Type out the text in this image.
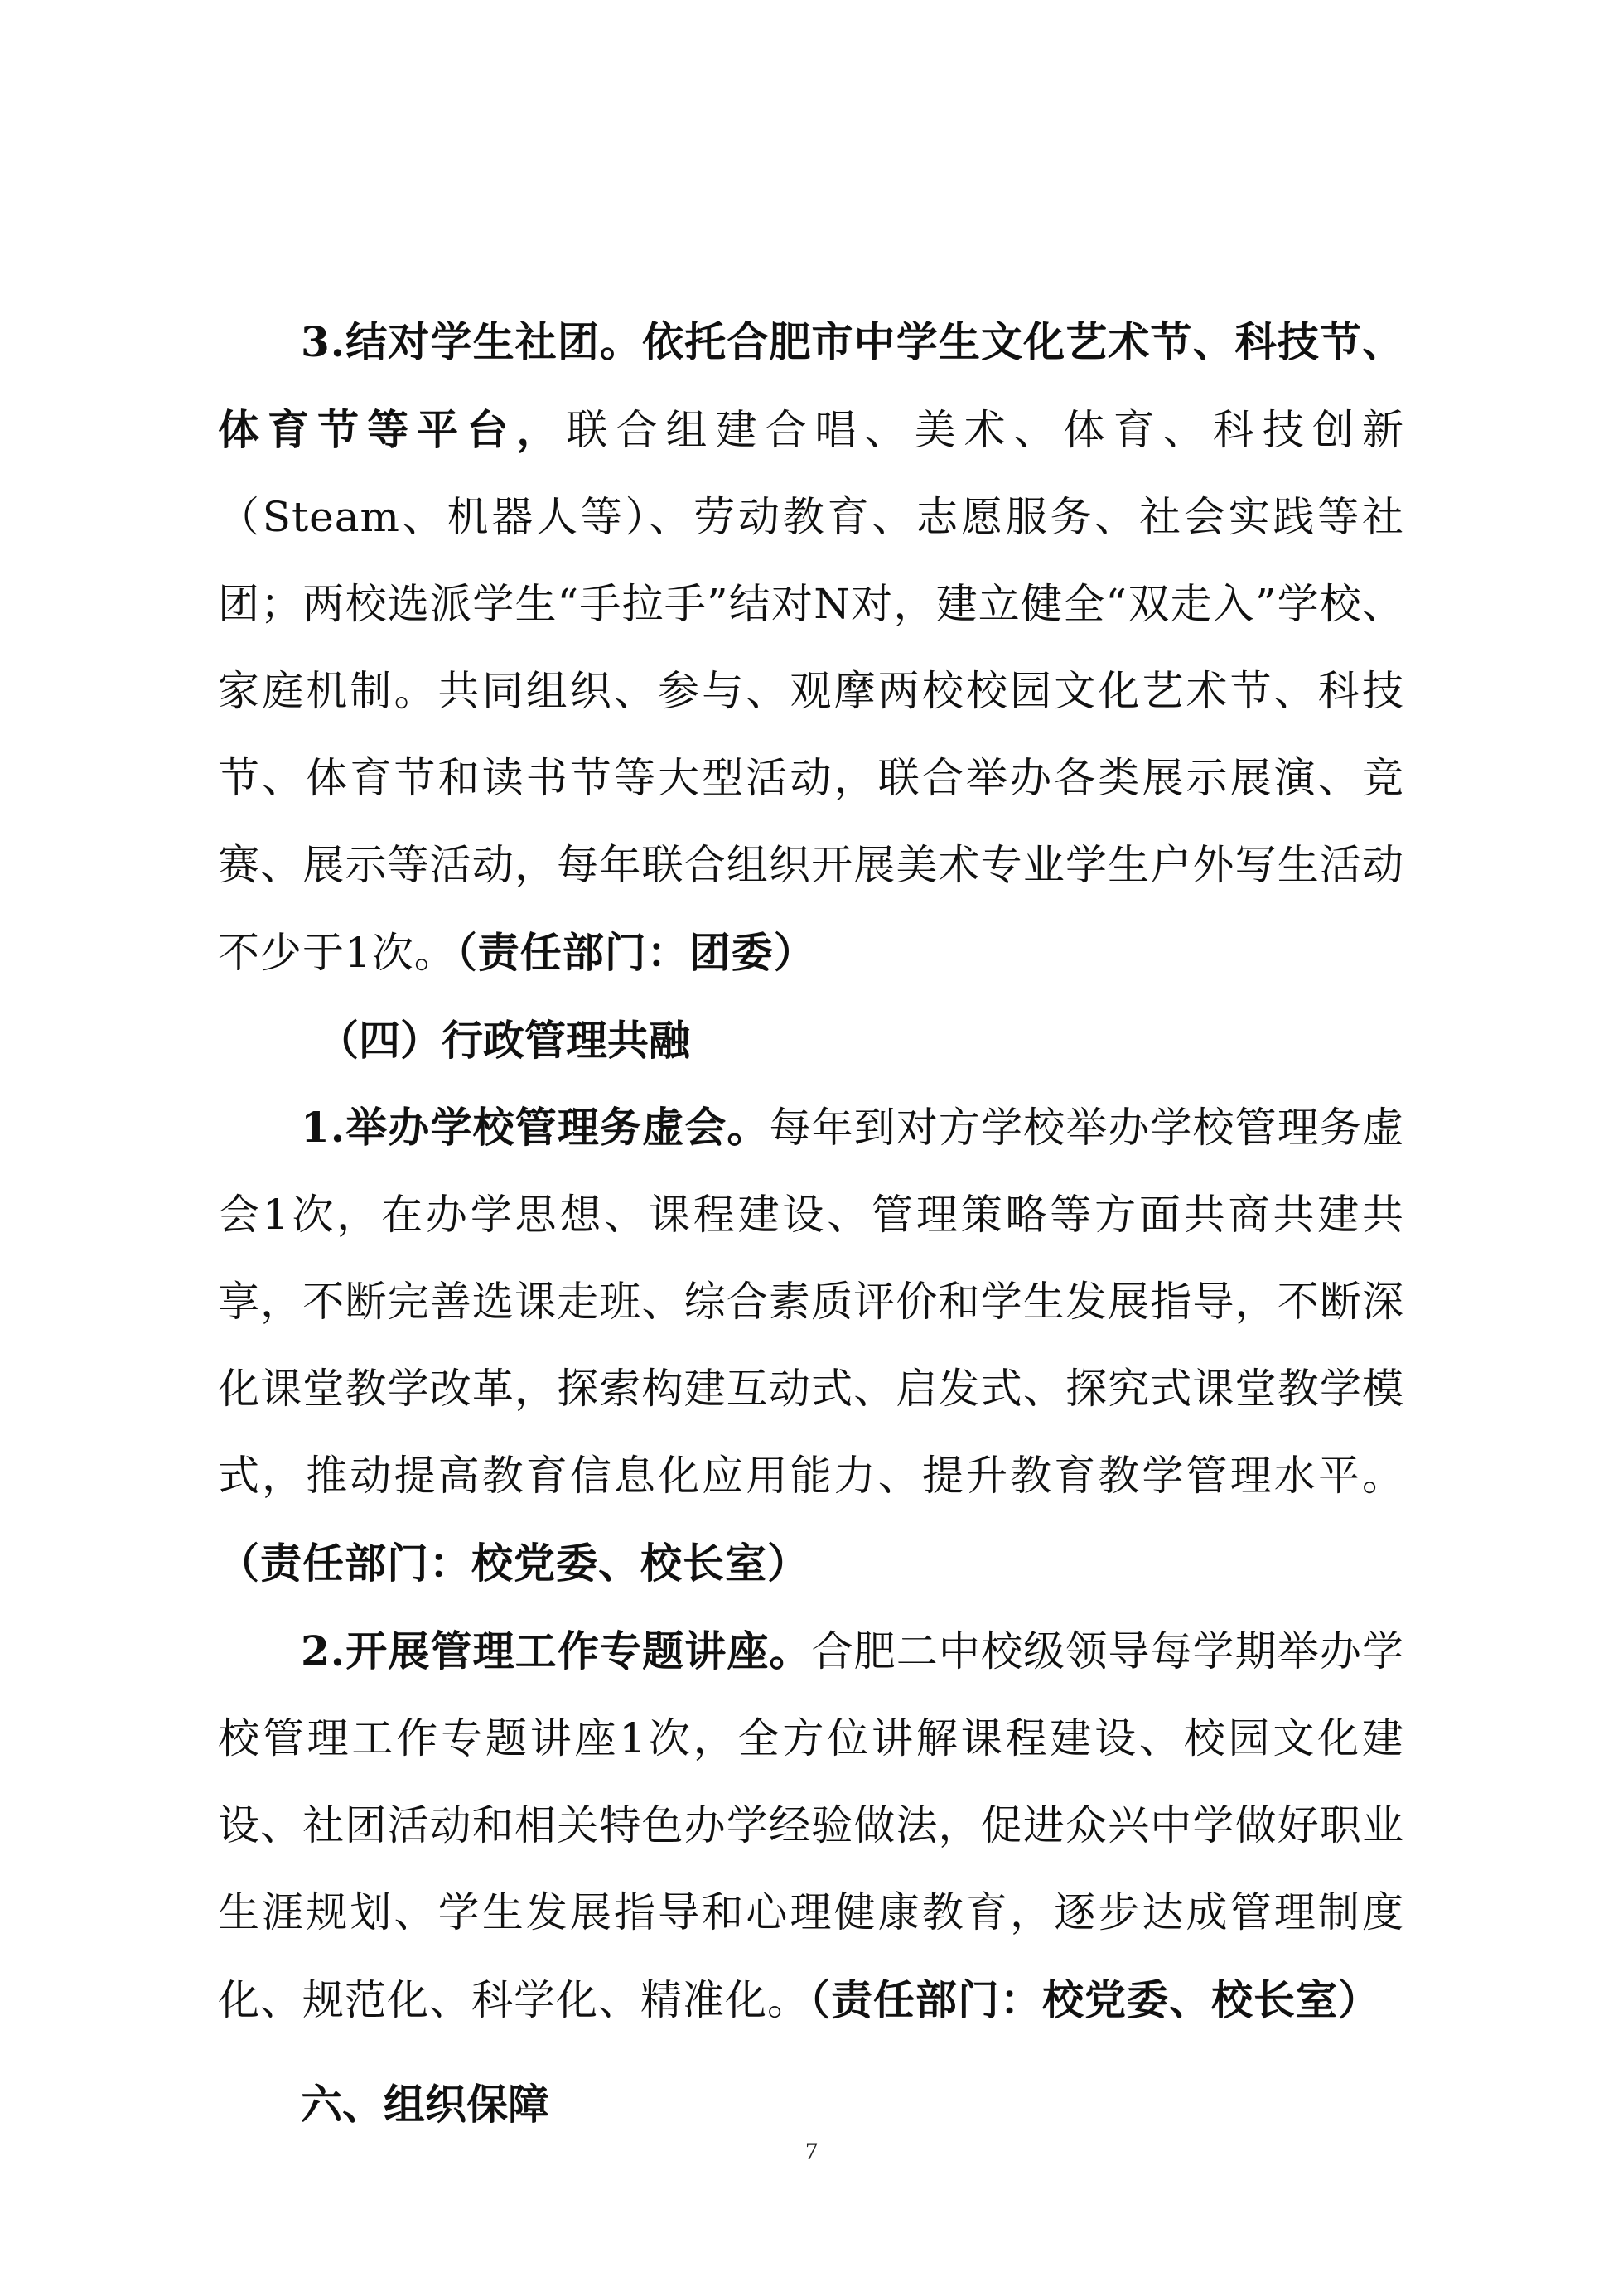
3.结对学生社团。依托合肥市中学生文化艺术节、科技节、体育节等平台，联合组建合唱、美术、体育、科技创新（Steam、机器人等）、劳动教育、志愿服务、社会实践等社团；两校选派学生“手拉手”结对N对，建立健全“双走入”学校、家庭机制。共同组织、参与、观摩两校校园文化艺术节、科技节、体育节和读书节等大型活动，联合举办各类展示展演、竞赛、展示等活动，每年联合组织开展美术专业学生户外写生活动不少于1次。（责任部门：团委）

（四）行政管理共融

1.举办学校管理务虚会。每年到对方学校举办学校管理务虚会1次，在办学思想、课程建设、管理策略等方面共商共建共享，不断完善选课走班、综合素质评价和学生发展指导，不断深化课堂教学改革，探索构建互动式、启发式、探究式课堂教学模式，推动提高教育信息化应用能力、提升教育教学管理水平。（责任部门：校党委、校长室）

2.开展管理工作专题讲座。合肥二中校级领导每学期举办学校管理工作专题讲座1次，全方位讲解课程建设、校园文化建设、社团活动和相关特色办学经验做法，促进众兴中学做好职业生涯规划、学生发展指导和心理健康教育，逐步达成管理制度化、规范化、科学化、精准化。（责任部门：校党委、校长室）

六、组织保障
7
